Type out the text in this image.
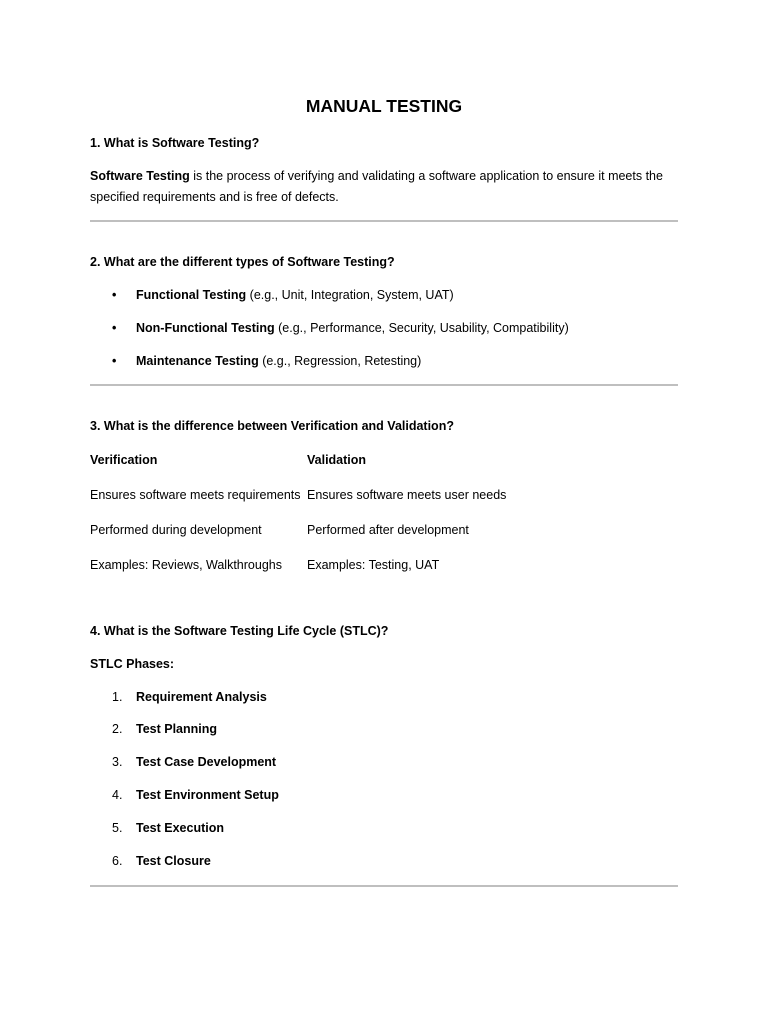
MANUAL TESTING
1. What is Software Testing?
Software Testing is the process of verifying and validating a software application to ensure it meets the
specified requirements and is free of defects.
2. What are the different types of Software Testing?
• Functional Testing (e.g., Unit, Integration, System, UAT)
• Non-Functional Testing (e.g., Performance, Security, Usability, Compatibility)
• Maintenance Testing (e.g., Regression, Retesting)
3. What is the difference between Verification and Validation?
Verification	Validation
Ensures software meets requirements Ensures software meets user needs
Performed during development	Performed after development
Examples: Reviews, Walkthroughs Examples: Testing, UAT
4. What is the Software Testing Life Cycle (STLC)?
STLC Phases:
1. Requirement Analysis
2. Test Planning
3. Test Case Development
4. Test Environment Setup
5. Test Execution
6. Test Closure
